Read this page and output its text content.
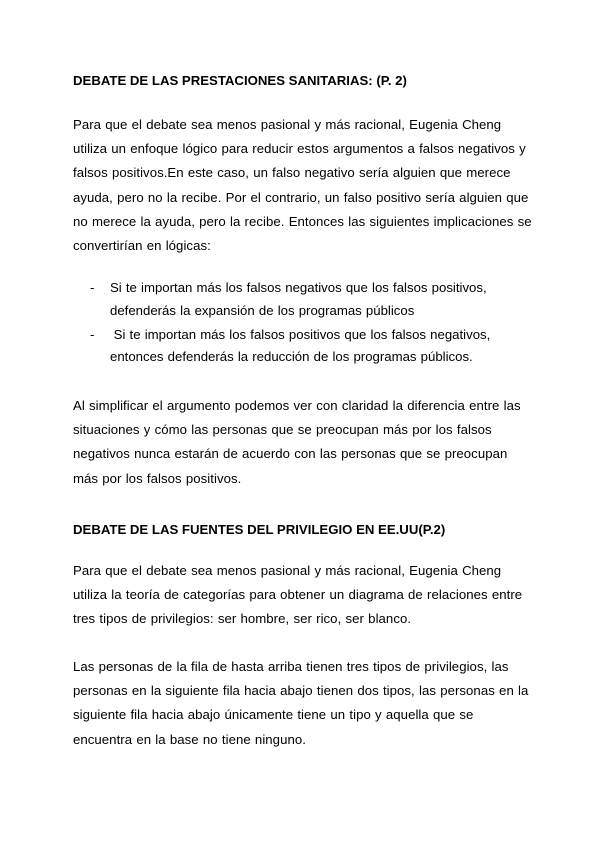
DEBATE DE LAS PRESTACIONES SANITARIAS: (P. 2)
Para que el debate sea menos pasional y más racional, Eugenia Cheng utiliza un enfoque lógico para reducir estos argumentos a falsos negativos y falsos positivos.En este caso, un falso negativo sería alguien que merece ayuda, pero no la recibe. Por el contrario, un falso positivo sería alguien que no merece la ayuda, pero la recibe. Entonces las siguientes implicaciones se convertirían en lógicas:
- Si te importan más los falsos negativos que los falsos positivos, defenderás la expansión de los programas públicos
- Si te importan más los falsos positivos que los falsos negativos, entonces defenderás la reducción de los programas públicos.
Al simplificar el argumento podemos ver con claridad la diferencia entre las situaciones y cómo las personas que se preocupan más por los falsos negativos nunca estarán de acuerdo con las personas que se preocupan más por los falsos positivos.
DEBATE DE LAS FUENTES DEL PRIVILEGIO EN EE.UU(P.2)
Para que el debate sea menos pasional y más racional, Eugenia Cheng utiliza la teoría de categorías para obtener un diagrama de relaciones entre tres tipos de privilegios: ser hombre, ser rico, ser blanco.
Las personas de la fila de hasta arriba tienen tres tipos de privilegios, las personas en la siguiente fila hacia abajo tienen dos tipos, las personas en la siguiente fila hacia abajo únicamente tiene un tipo y aquella que se encuentra en la base no tiene ninguno.
